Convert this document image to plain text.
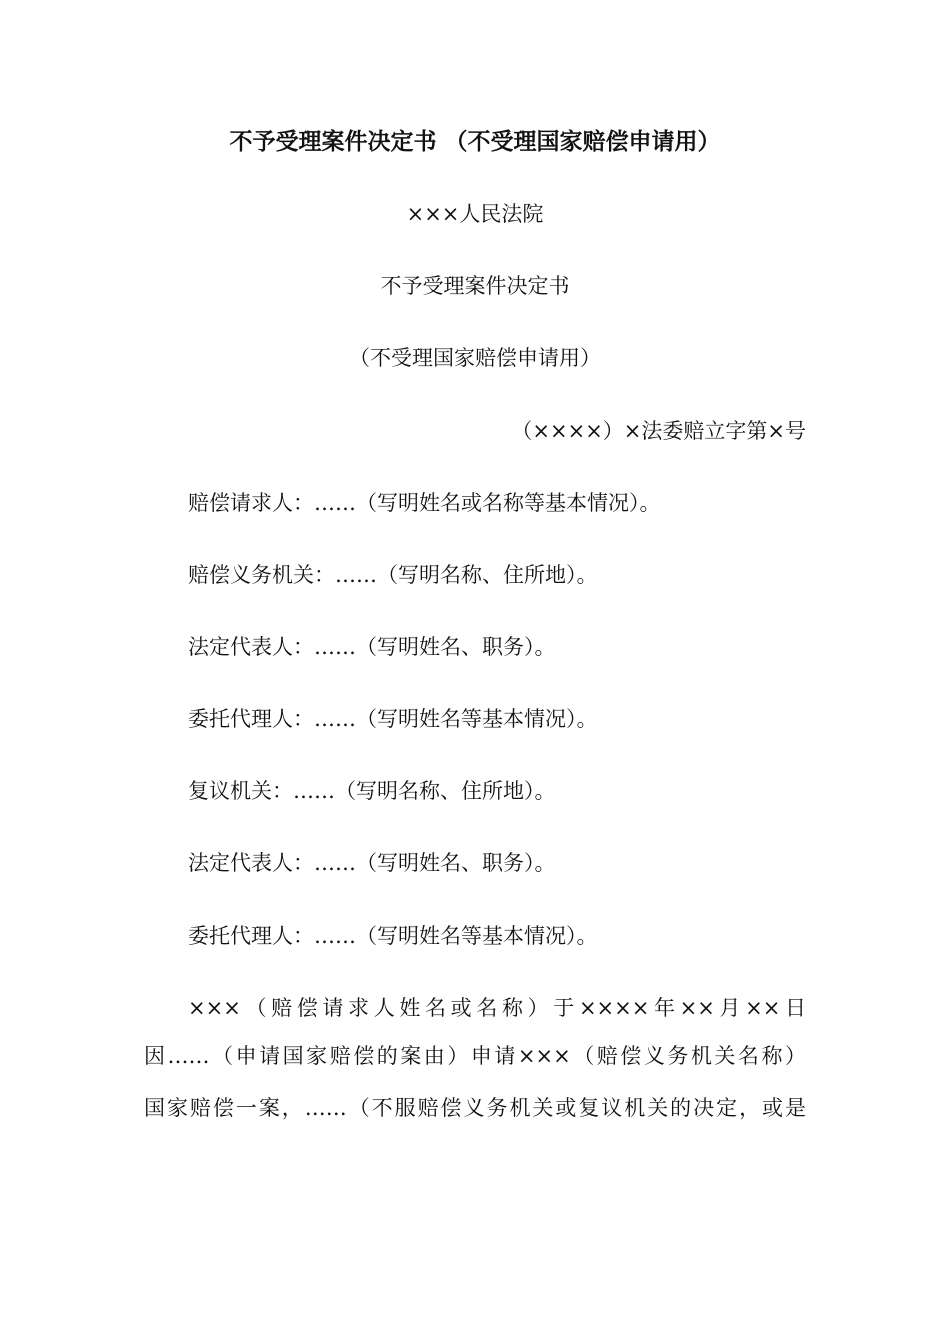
不予受理案件决定书 （不受理国家赔偿申请用）
×××人民法院
不予受理案件决定书
（不受理国家赔偿申请用）
（××××）×法委赔立字第×号
赔偿请求人：……（写明姓名或名称等基本情况）。
赔偿义务机关：……（写明名称、住所地）。
法定代表人：……（写明姓名、职务）。
委托代理人：……（写明姓名等基本情况）。
复议机关：……（写明名称、住所地）。
法定代表人：……（写明姓名、职务）。
委托代理人：……（写明姓名等基本情况）。
×××（赔偿请求人姓名或名称）于××××年××月××日
因……（申请国家赔偿的案由）申请×××（赔偿义务机关名称）
国家赔偿一案，……（不服赔偿义务机关或复议机关的决定，或是
